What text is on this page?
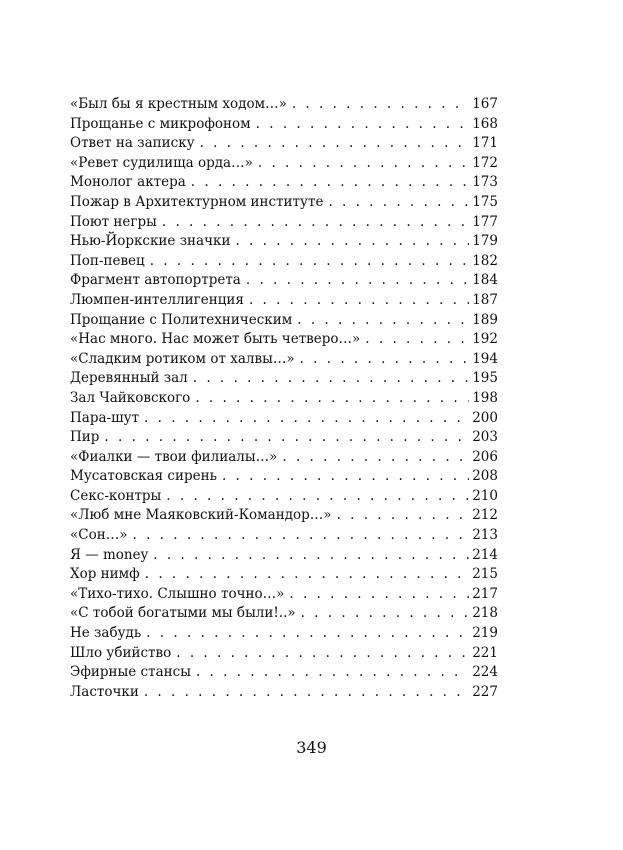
«Был бы я крестным ходом…» . . .	167
Прощанье с микрофоном . . .	168
Ответ на записку . . .	171
«Ревет судилища орда…» . . .	172
Монолог актера . . .	173
Пожар в Архитектурном институте . . .	175
Поют негры . . .	177
Нью-Йоркские значки . . .	179
Поп-певец . . .	182
Фрагмент автопортрета . . .	184
Люмпен-интеллигенция . . .	187
Прощание с Политехническим . . .	189
«Нас много. Нас может быть четверо…» . . .	192
«Сладким ротиком от халвы…» . . .	194
Деревянный зал . . .	195
Зал Чайковского . . .	198
Пара-шут . . .	200
Пир . . .	203
«Фиалки — твои филиалы…» . . .	206
Мусатовская сирень . . .	208
Секс-контры . . .	210
«Люб мне Маяковский-Командор…» . . .	212
«Сон…» . . .	213
Я — money . . .	214
Хор нимф . . .	215
«Тихо-тихо. Слышно точно…» . . .	217
«С тобой богатыми мы были!..» . . .	218
Не забудь . . .	219
Шло убийство . . .	221
Эфирные стансы . . .	224
Ласточки . . .	227
349
